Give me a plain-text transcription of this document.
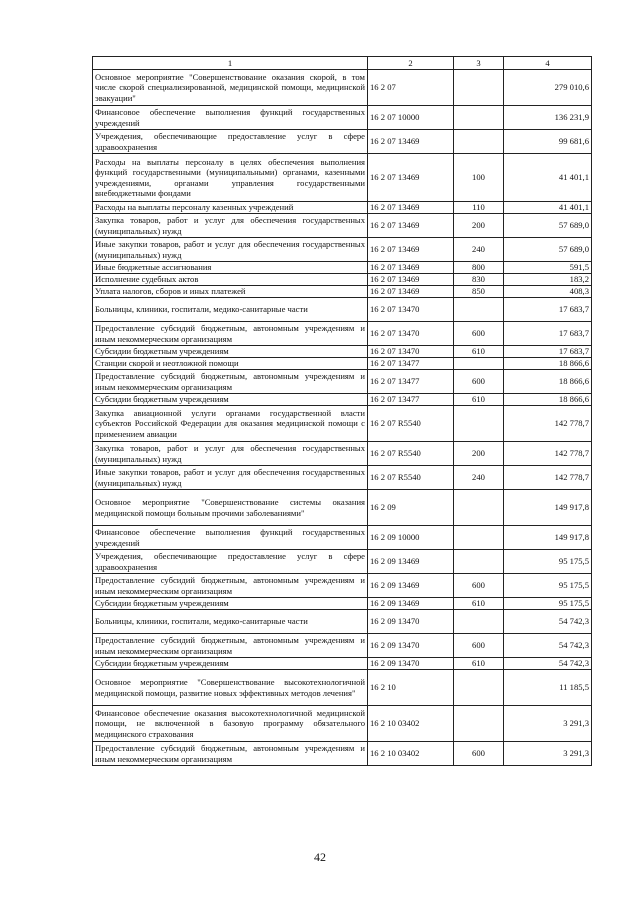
1	2	3	4
Основное мероприятие "Совершенствование оказания скорой, в том числе скорой специализированной, медицинской помощи, медицинской эвакуации"	16 2 07		279 010,6
Финансовое обеспечение выполнения функций государственных учреждений	16 2 07 10000		136 231,9
Учреждения, обеспечивающие предоставление услуг в сфере здравоохранения	16 2 07 13469		99 681,6
Расходы на выплаты персоналу в целях обеспечения выполнения функций государственными (муниципальными) органами, казенными учреждениями, органами управления государственными внебюджетными фондами	16 2 07 13469	100	41 401,1
Расходы на выплаты персоналу казенных учреждений	16 2 07 13469	110	41 401,1
Закупка товаров, работ и услуг для обеспечения государственных (муниципальных) нужд	16 2 07 13469	200	57 689,0
Иные закупки товаров, работ и услуг для обеспечения государственных (муниципальных) нужд	16 2 07 13469	240	57 689,0
Иные бюджетные ассигнования	16 2 07 13469	800	591,5
Исполнение судебных актов	16 2 07 13469	830	183,2
Уплата налогов, сборов и иных платежей	16 2 07 13469	850	408,3
Больницы, клиники, госпитали, медико-санитарные части	16 2 07 13470		17 683,7
Предоставление субсидий бюджетным, автономным учреждениям и иным некоммерческим организациям	16 2 07 13470	600	17 683,7
Субсидии бюджетным учреждениям	16 2 07 13470	610	17 683,7
Станции скорой и неотложной помощи	16 2 07 13477		18 866,6
Предоставление субсидий бюджетным, автономным учреждениям и иным некоммерческим организациям	16 2 07 13477	600	18 866,6
Субсидии бюджетным учреждениям	16 2 07 13477	610	18 866,6
Закупка авиационной услуги органами государственной власти субъектов Российской Федерации для оказания медицинской помощи с применением авиации	16 2 07 R5540		142 778,7
Закупка товаров, работ и услуг для обеспечения государственных (муниципальных) нужд	16 2 07 R5540	200	142 778,7
Иные закупки товаров, работ и услуг для обеспечения государственных (муниципальных) нужд	16 2 07 R5540	240	142 778,7
Основное мероприятие "Совершенствование системы оказания медицинской помощи больным прочими заболеваниями"	16 2 09		149 917,8
Финансовое обеспечение выполнения функций государственных учреждений	16 2 09 10000		149 917,8
Учреждения, обеспечивающие предоставление услуг в сфере здравоохранения	16 2 09 13469		95 175,5
Предоставление субсидий бюджетным, автономным учреждениям и иным некоммерческим организациям	16 2 09 13469	600	95 175,5
Субсидии бюджетным учреждениям	16 2 09 13469	610	95 175,5
Больницы, клиники, госпитали, медико-санитарные части	16 2 09 13470		54 742,3
Предоставление субсидий бюджетным, автономным учреждениям и иным некоммерческим организациям	16 2 09 13470	600	54 742,3
Субсидии бюджетным учреждениям	16 2 09 13470	610	54 742,3
Основное мероприятие "Совершенствование высокотехнологичной медицинской помощи, развитие новых эффективных методов лечения"	16 2 10		11 185,5
Финансовое обеспечение оказания высокотехнологичной медицинской помощи, не включенной в базовую программу обязательного медицинского страхования	16 2 10 03402		3 291,3
Предоставление субсидий бюджетным, автономным учреждениям и иным некоммерческим организациям	16 2 10 03402	600	3 291,3
42
